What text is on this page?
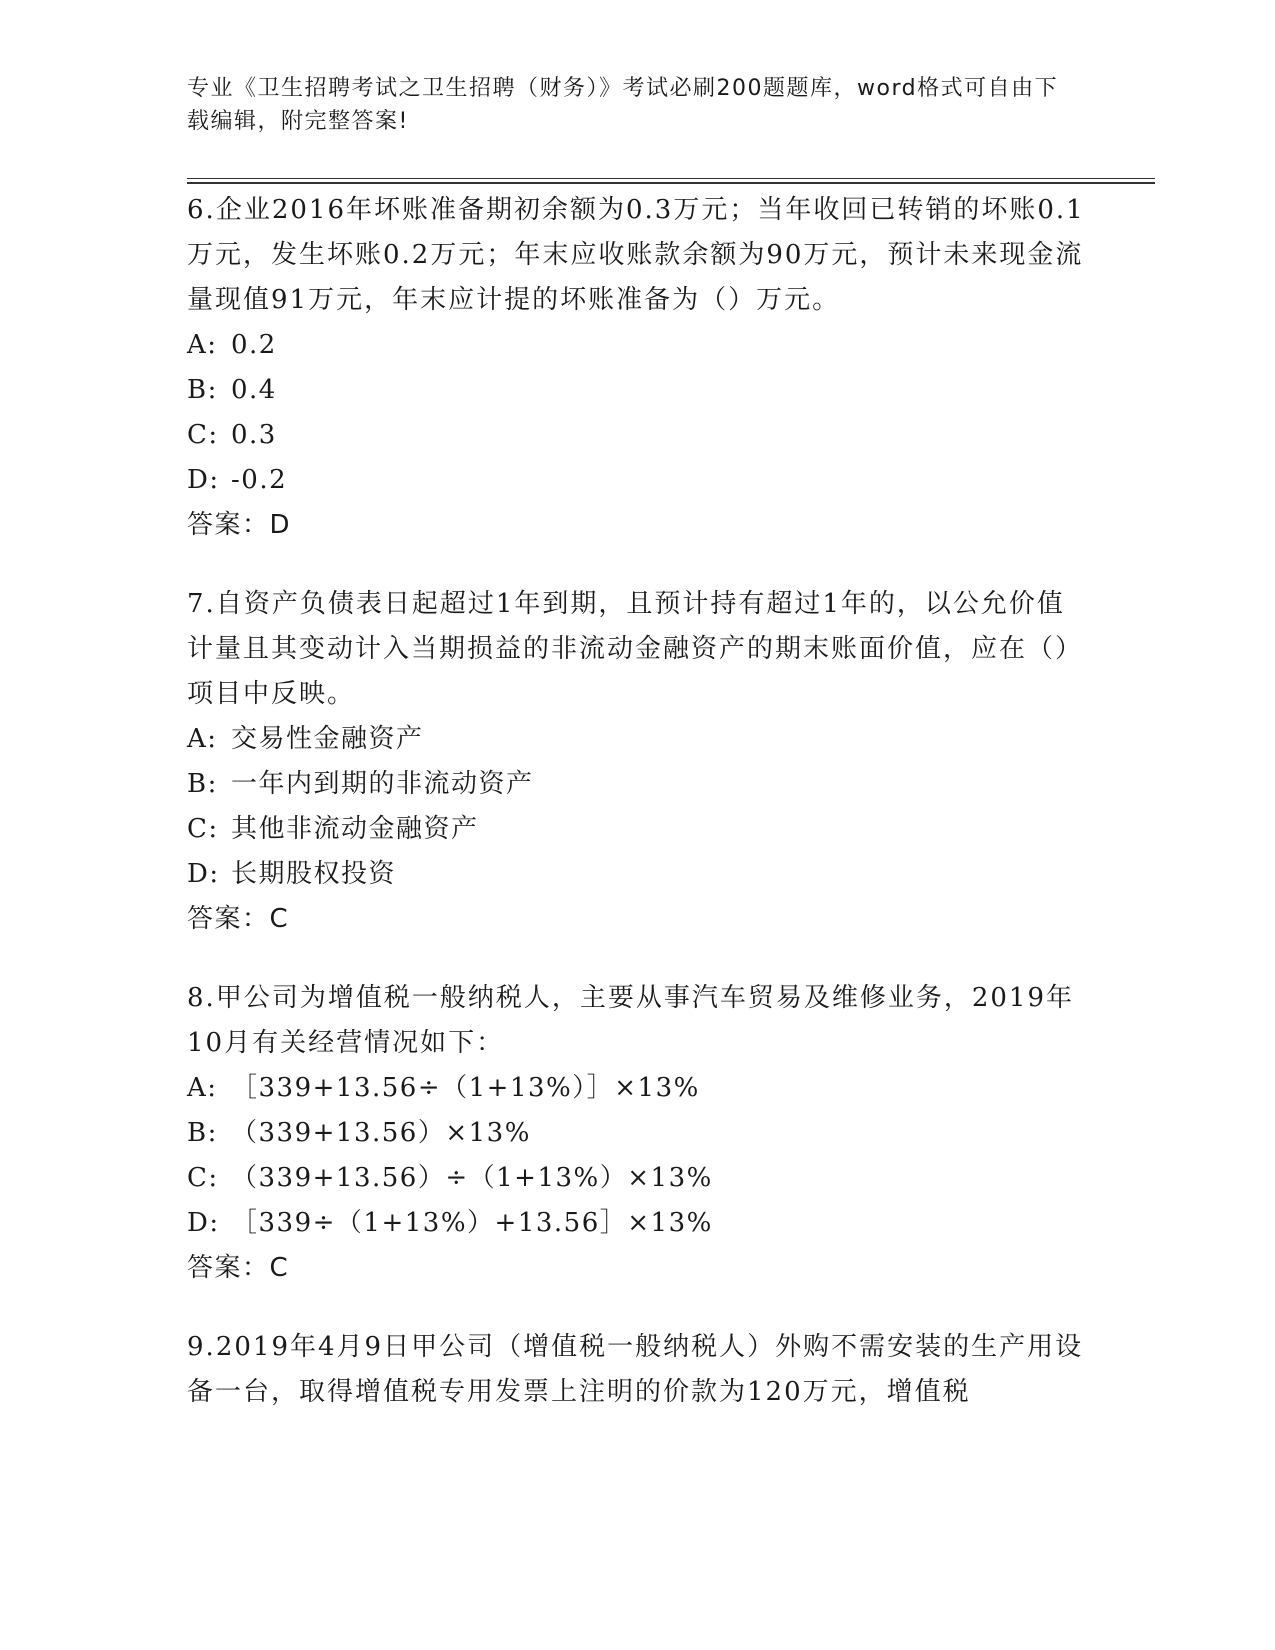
专业《卫生招聘考试之卫生招聘（财务）》考试必刷200题题库，word格式可自由下载编辑，附完整答案!

6.企业2016年坏账准备期初余额为0.3万元；当年收回已转销的坏账0.1万元，发生坏账0.2万元；年末应收账款余额为90万元，预计未来现金流量现值91万元，年末应计提的坏账准备为（）万元。

A: 0.2

B: 0.4

C: 0.3

D: -0.2

答案：D

7.自资产负债表日起超过1年到期，且预计持有超过1年的，以公允价值计量且其变动计入当期损益的非流动金融资产的期末账面价值，应在（）项目中反映。

A: 交易性金融资产

B: 一年内到期的非流动资产

C: 其他非流动金融资产

D: 长期股权投资

答案：C

8.甲公司为增值税一般纳税人，主要从事汽车贸易及维修业务，2019年10月有关经营情况如下：

A: ［339+13.56÷（1+13%）］×13%

B: （339+13.56）×13%

C: （339+13.56）÷（1+13%）×13%

D: ［339÷（1+13%）+13.56］×13%

答案：C

9.2019年4月9日甲公司（增值税一般纳税人）外购不需安装的生产用设备一台，取得增值税专用发票上注明的价款为120万元，增值税
